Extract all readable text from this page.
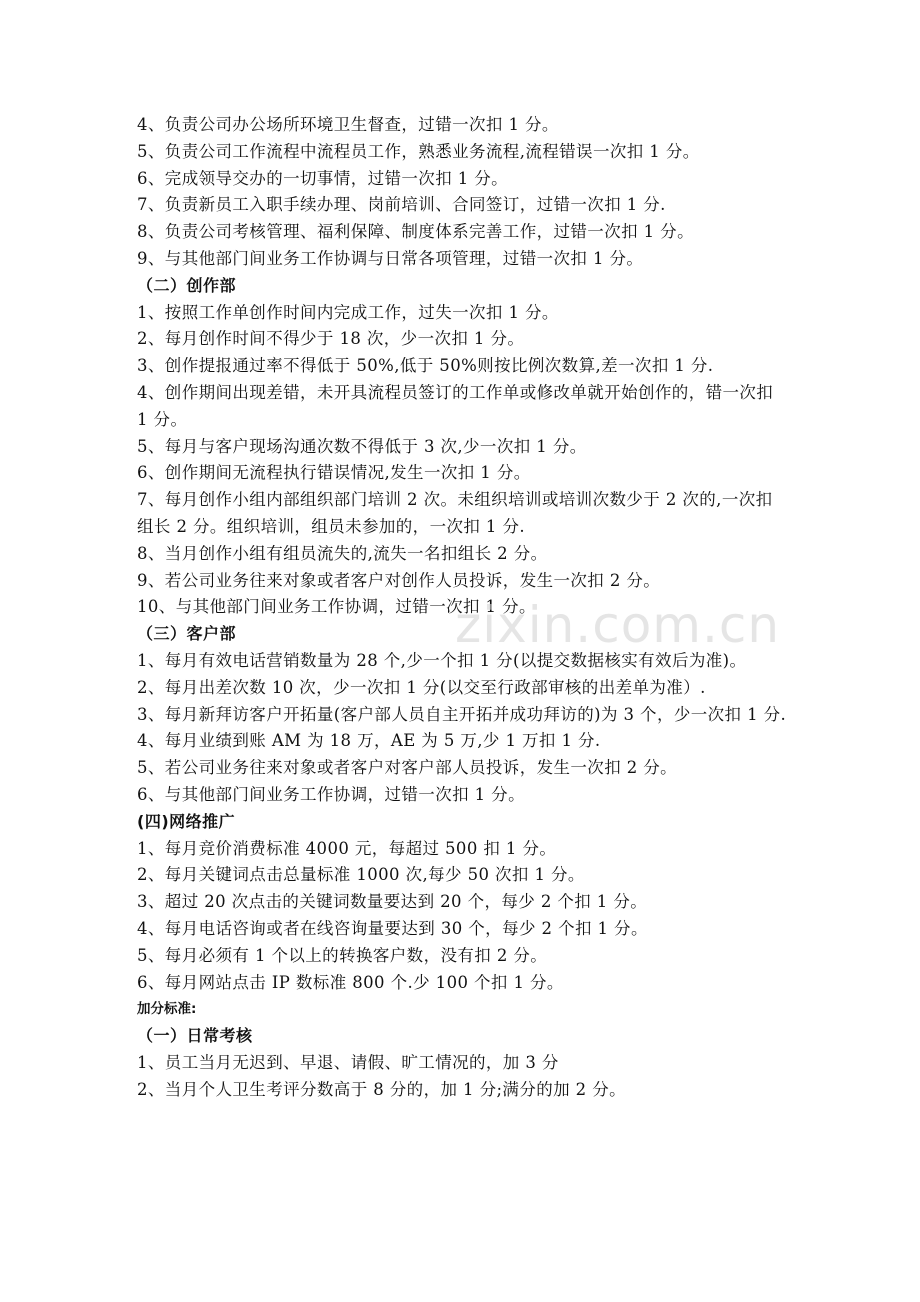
4、负责公司办公场所环境卫生督查，过错一次扣 1 分。
5、负责公司工作流程中流程员工作，熟悉业务流程,流程错误一次扣 1 分。
6、完成领导交办的一切事情，过错一次扣 1 分。
7、负责新员工入职手续办理、岗前培训、合同签订，过错一次扣 1 分.
8、负责公司考核管理、福利保障、制度体系完善工作，过错一次扣 1 分。
9、与其他部门间业务工作协调与日常各项管理，过错一次扣 1 分。
（二）创作部
1、按照工作单创作时间内完成工作，过失一次扣 1 分。
2、每月创作时间不得少于 18 次，少一次扣 1 分。
3、创作提报通过率不得低于 50%,低于 50%则按比例次数算,差一次扣 1 分.
4、创作期间出现差错，未开具流程员签订的工作单或修改单就开始创作的，错一次扣 1 分。
5、每月与客户现场沟通次数不得低于 3 次,少一次扣 1 分。
6、创作期间无流程执行错误情况,发生一次扣 1 分。
7、每月创作小组内部组织部门培训 2 次。未组织培训或培训次数少于 2 次的,一次扣组长 2 分。组织培训，组员未参加的，一次扣 1 分.
8、当月创作小组有组员流失的,流失一名扣组长 2 分。
9、若公司业务往来对象或者客户对创作人员投诉，发生一次扣 2 分。
10、与其他部门间业务工作协调，过错一次扣 1 分。
（三）客户部
1、每月有效电话营销数量为 28 个,少一个扣 1 分(以提交数据核实有效后为准)。
2、每月出差次数 10 次，少一次扣 1 分(以交至行政部审核的出差单为准）.
3、每月新拜访客户开拓量(客户部人员自主开拓并成功拜访的)为 3 个，少一次扣 1 分.
4、每月业绩到账 AM 为 18 万，AE 为 5 万,少 1 万扣 1 分.
5、若公司业务往来对象或者客户对客户部人员投诉，发生一次扣 2 分。
6、与其他部门间业务工作协调，过错一次扣 1 分。
(四)网络推广
1、每月竞价消费标准 4000 元，每超过 500 扣 1 分。
2、每月关键词点击总量标准 1000 次,每少 50 次扣 1 分。
3、超过 20 次点击的关键词数量要达到 20 个，每少 2 个扣 1 分。
4、每月电话咨询或者在线咨询量要达到 30 个，每少 2 个扣 1 分。
5、每月必须有 1 个以上的转换客户数，没有扣 2 分。
6、每月网站点击 IP 数标准 800 个.少 100 个扣 1 分。
加分标准:
（一）日常考核
1、员工当月无迟到、早退、请假、旷工情况的，加 3 分
2、当月个人卫生考评分数高于 8 分的，加 1 分;满分的加 2 分。
zixin.com.cn
